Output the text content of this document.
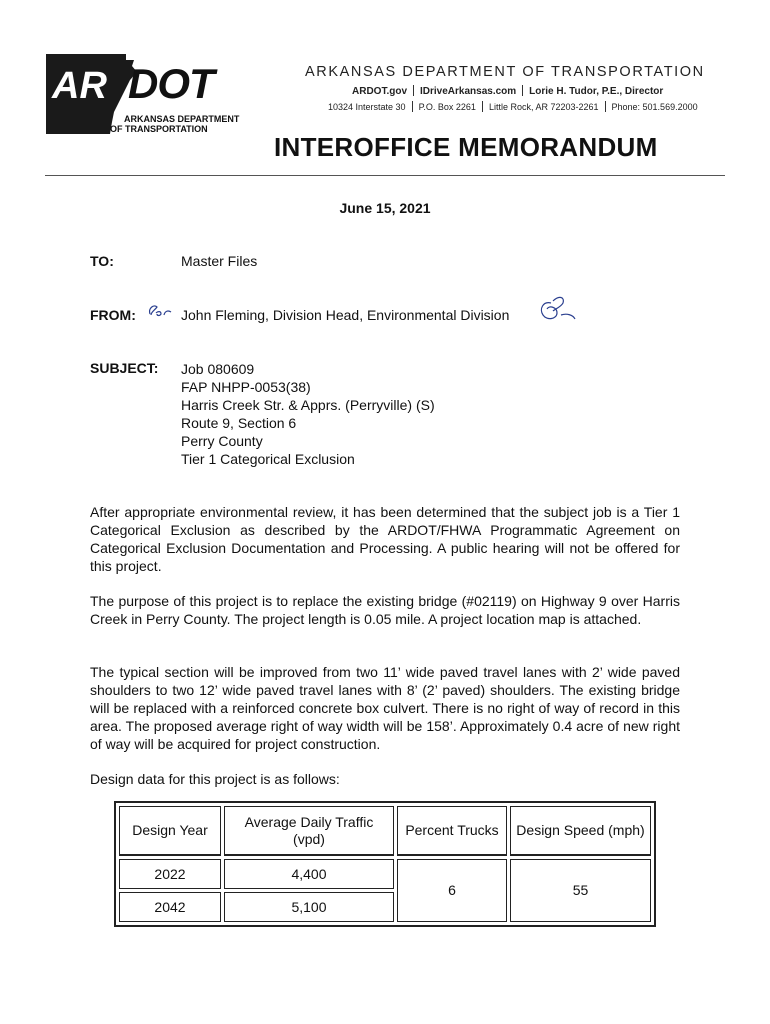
AR DOT
ARKANSAS DEPARTMENT
OF TRANSPORTATION
ARKANSAS DEPARTMENT OF TRANSPORTATION
ARDOT.gov IDriveArkansas.com Lorie H. Tudor, P.E., Director
10324 Interstate 30 P.O. Box 2261 Little Rock, AR 72203-2261 Phone: 501.569.2000
INTEROFFICE MEMORANDUM
June 15, 2021
TO:	Master Files
FROM:	John Fleming, Division Head, Environmental Division
SUBJECT: Job 080609
FAP NHPP-0053(38)
Harris Creek Str. & Apprs. (Perryville) (S)
Route 9, Section 6
Perry County
Tier 1 Categorical Exclusion
After appropriate environmental review, it has been determined that the subject job is a Tier 1 Categorical Exclusion as described by the ARDOT/FHWA Programmatic Agreement on Categorical Exclusion Documentation and Processing. A public hearing will not be offered for this project.
The purpose of this project is to replace the existing bridge (#02119) on Highway 9 over Harris Creek in Perry County. The project length is 0.05 mile. A project location map is attached.
The typical section will be improved from two 11’ wide paved travel lanes with 2’ wide paved shoulders to two 12’ wide paved travel lanes with 8’ (2’ paved) shoulders. The existing bridge will be replaced with a reinforced concrete box culvert. There is no right of way of record in this area. The proposed average right of way width will be 158’. Approximately 0.4 acre of new right of way will be acquired for project construction.
Design data for this project is as follows:
Design Year	Average Daily Traffic (vpd)	Percent Trucks	Design Speed (mph)
2022	4,400	6	55
2042	5,100		
